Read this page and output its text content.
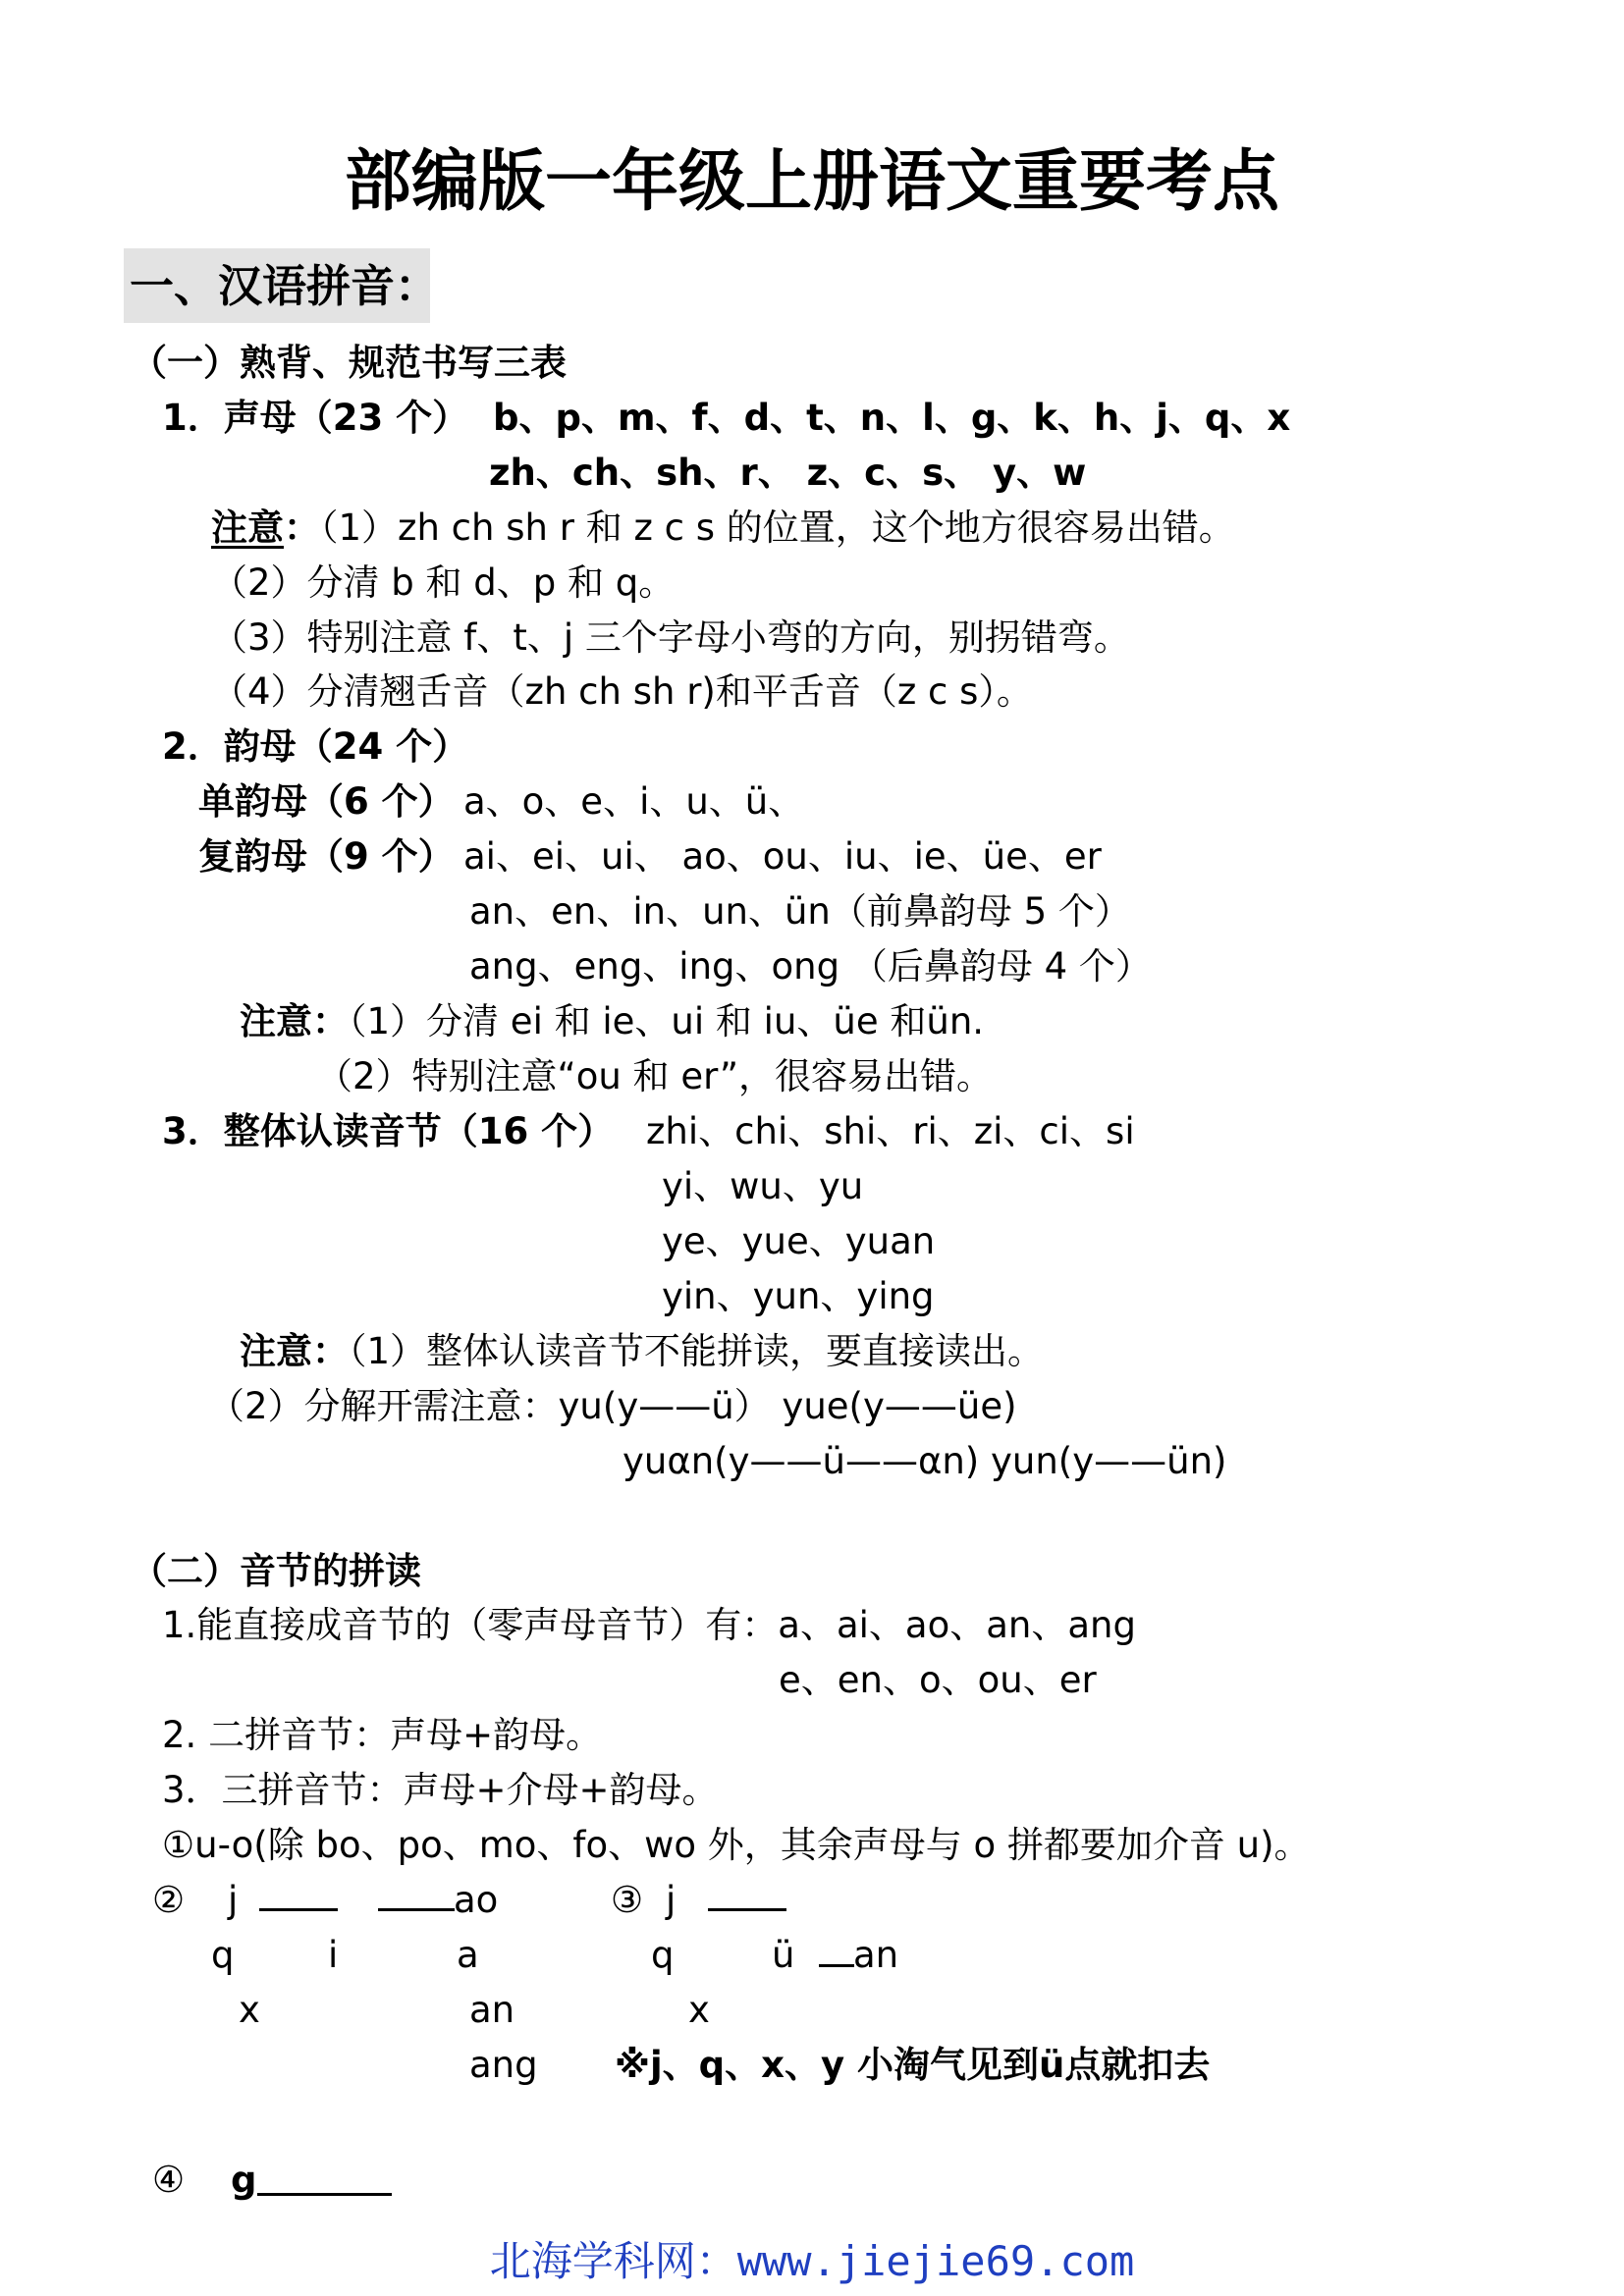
部编版一年级上册语文重要考点
一、汉语拼音：
（一）熟背、规范书写三表
1．声母（23 个） b、p、m、f、d、t、n、l、g、k、h、j、q、x
zh、ch、sh、r、 z、c、s、 y、w
注意：（1）zh ch sh r 和 z c s 的位置，这个地方很容易出错。
（2）分清 b 和 d、p 和 q。
（3）特别注意 f、t、j 三个字母小弯的方向，别拐错弯。
（4）分清翘舌音（zh ch sh r)和平舌音（z c s）。
2．韵母（24 个）
单韵母（6 个） a、o、e、i、u、ü、
复韵母（9 个） ai、ei、ui、 ao、ou、iu、ie、üe、er
an、en、in、un、ün（前鼻韵母 5 个）
ang、eng、ing、ong （后鼻韵母 4 个）
注意：（1）分清 ei 和 ie、ui 和 iu、üe 和ün.
（2）特别注意“ou 和 er”，很容易出错。
3．整体认读音节（16 个） zhi、chi、shi、ri、zi、ci、si
yi、wu、yu
ye、yue、yuan
yin、yun、ying
注意：（1）整体认读音节不能拼读，要直接读出。
（2）分解开需注意：yu(y——ü） yue(y——üe)
yuαn(y——ü——αn) yun(y——ün)
（二）音节的拼读
1.能直接成音节的（零声母音节）有：a、ai、ao、an、ang
e、en、o、ou、er
2. 二拼音节：声母+韵母。
3．三拼音节：声母+介母+韵母。
①u-o(除 bo、po、mo、fo、wo 外，其余声母与 o 拼都要加介音 u)。
② j
q
x
i
ao
a
an
ang
③ j
q
x
ü an
※j、q、x、y 小淘气见到ü点就扣去
④ g
北海学科网：www.jiejie69.com
